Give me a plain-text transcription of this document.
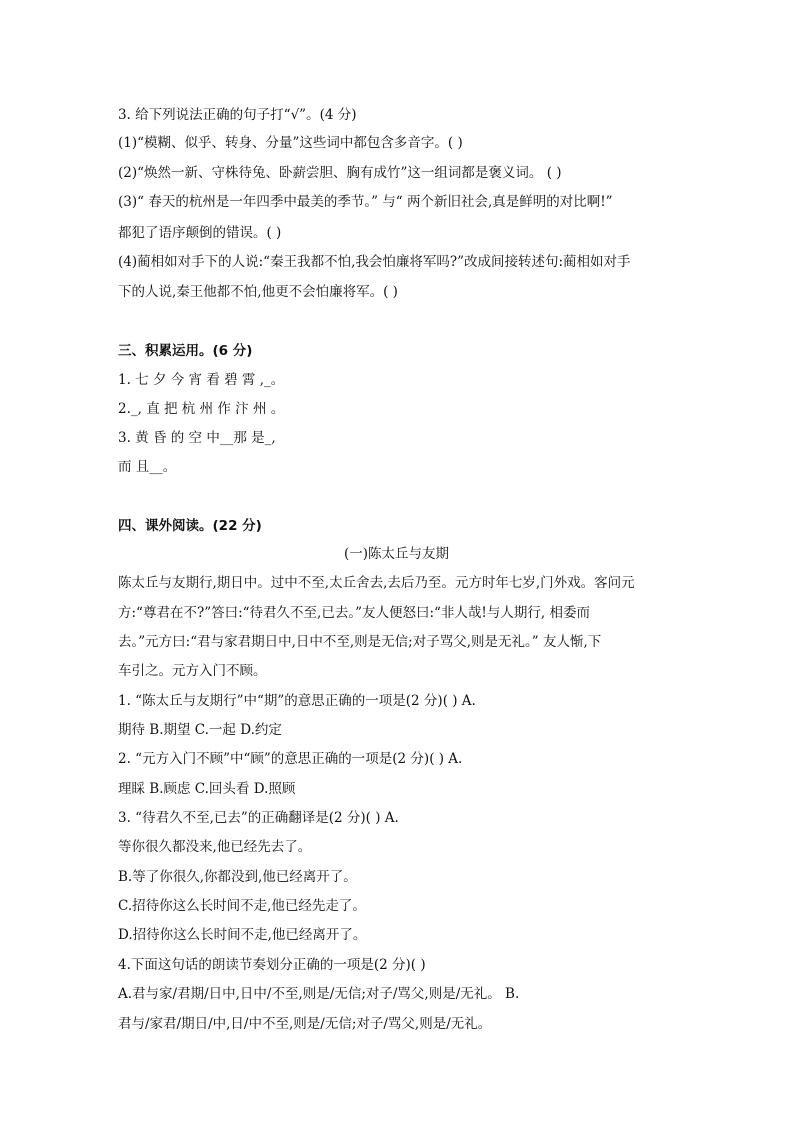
3. 给下列说法正确的句子打“√”。(4 分)
(1)“模糊、似乎、转身、分量”这些词中都包含多音字。( )
(2)“焕然一新、守株待兔、卧薪尝胆、胸有成竹”这一组词都是褒义词。 ( )
(3)“ 春天的杭州是一年四季中最美的季节。” 与“ 两个新旧社会,真是鲜明的对比啊!”
都犯了语序颠倒的错误。( )
(4)蔺相如对手下的人说:“秦王我都不怕,我会怕廉将军吗?”改成间接转述句:蔺相如对手
下的人说,秦王他都不怕,他更不会怕廉将军。( )
三、积累运用。(6 分)
1. 七 夕 今 宵 看 碧 霄 ,_。
2._, 直 把 杭 州 作 汴 州 。
3. 黄 昏 的 空 中__那 是_,
而 且__。
四、课外阅读。(22 分)
(一)陈太丘与友期
陈太丘与友期行,期日中。过中不至,太丘舍去,去后乃至。元方时年七岁,门外戏。客问元
方:“尊君在不?”答曰:“待君久不至,已去。”友人便怒曰:“非人哉!与人期行, 相委而
去。”元方曰:“君与家君期日中,日中不至,则是无信;对子骂父,则是无礼。” 友人惭,下
车引之。元方入门不顾。
1. “陈太丘与友期行”中“期”的意思正确的一项是(2 分)( ) A.
期待 B.期望 C.一起 D.约定
2. “元方入门不顾”中“顾”的意思正确的一项是(2 分)( ) A.
理睬 B.顾虑 C.回头看 D.照顾
3. “待君久不至,已去”的正确翻译是(2 分)( ) A.
等你很久都没来,他已经先去了。
B.等了你很久,你都没到,他已经离开了。
C.招待你这么长时间不走,他已经先走了。
D.招待你这么长时间不走,他已经离开了。
4.下面这句话的朗读节奏划分正确的一项是(2 分)( )
A.君与家/君期/日中,日中/不至,则是/无信;对子/骂父,则是/无礼。 B.
君与/家君/期日/中,日/中不至,则是/无信;对子/骂父,则是/无礼。
